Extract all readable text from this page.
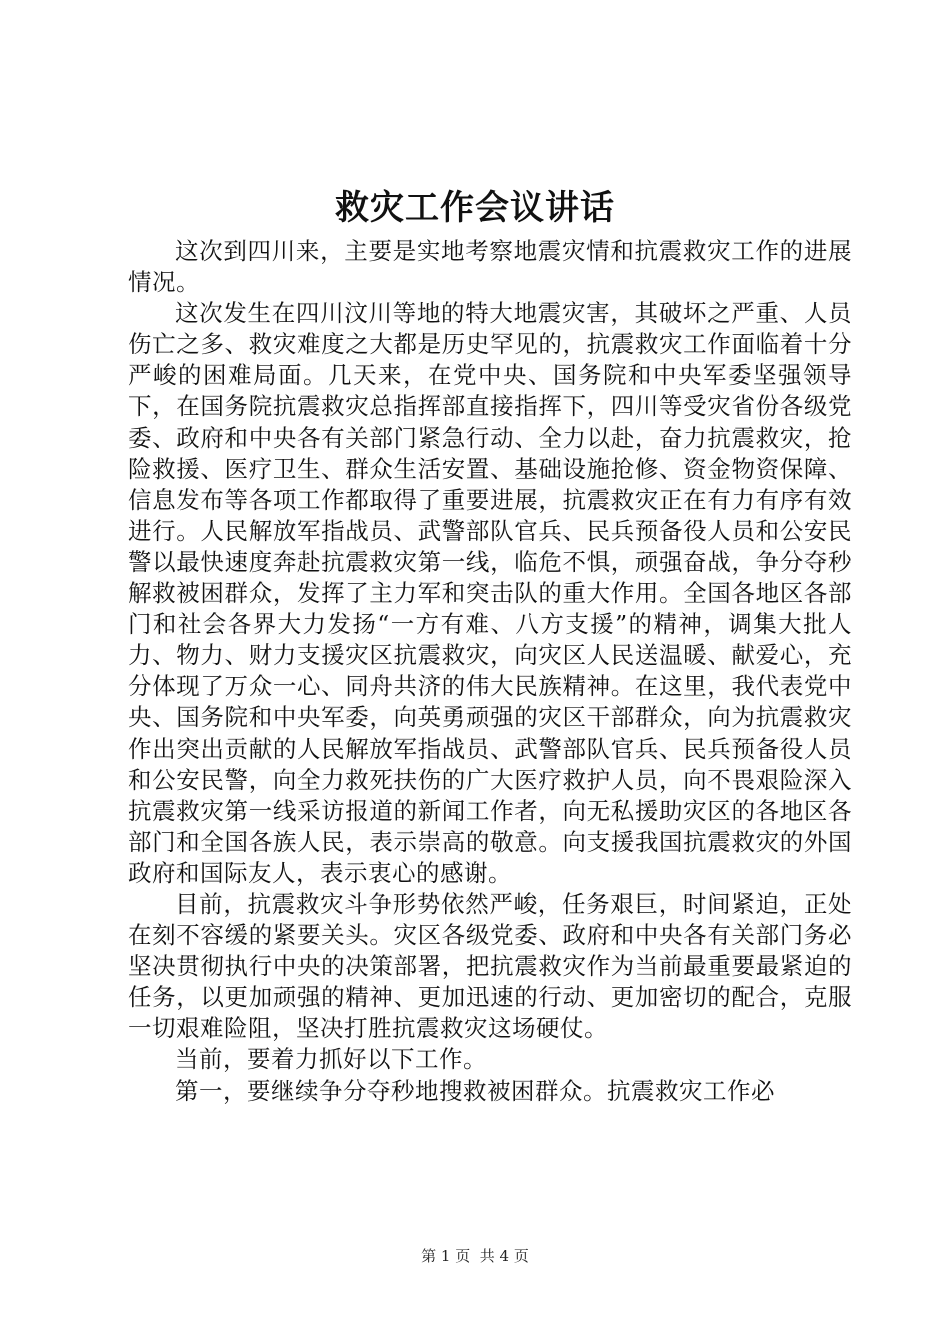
救灾工作会议讲话

这次到四川来，主要是实地考察地震灾情和抗震救灾工作的进展情况。

这次发生在四川汶川等地的特大地震灾害，其破坏之严重、人员伤亡之多、救灾难度之大都是历史罕见的，抗震救灾工作面临着十分严峻的困难局面。几天来，在党中央、国务院和中央军委坚强领导下，在国务院抗震救灾总指挥部直接指挥下，四川等受灾省份各级党委、政府和中央各有关部门紧急行动、全力以赴，奋力抗震救灾，抢险救援、医疗卫生、群众生活安置、基础设施抢修、资金物资保障、信息发布等各项工作都取得了重要进展，抗震救灾正在有力有序有效进行。人民解放军指战员、武警部队官兵、民兵预备役人员和公安民警以最快速度奔赴抗震救灾第一线，临危不惧，顽强奋战，争分夺秒解救被困群众，发挥了主力军和突击队的重大作用。全国各地区各部门和社会各界大力发扬“一方有难、八方支援”的精神，调集大批人力、物力、财力支援灾区抗震救灾，向灾区人民送温暖、献爱心，充分体现了万众一心、同舟共济的伟大民族精神。在这里，我代表党中央、国务院和中央军委，向英勇顽强的灾区干部群众，向为抗震救灾作出突出贡献的人民解放军指战员、武警部队官兵、民兵预备役人员和公安民警，向全力救死扶伤的广大医疗救护人员，向不畏艰险深入抗震救灾第一线采访报道的新闻工作者，向无私援助灾区的各地区各部门和全国各族人民，表示崇高的敬意。向支援我国抗震救灾的外国政府和国际友人，表示衷心的感谢。

目前，抗震救灾斗争形势依然严峻，任务艰巨，时间紧迫，正处在刻不容缓的紧要关头。灾区各级党委、政府和中央各有关部门务必坚决贯彻执行中央的决策部署，把抗震救灾作为当前最重要最紧迫的任务，以更加顽强的精神、更加迅速的行动、更加密切的配合，克服一切艰难险阻，坚决打胜抗震救灾这场硬仗。

当前，要着力抓好以下工作。

第一，要继续争分夺秒地搜救被困群众。抗震救灾工作必

第 1 页  共 4 页
